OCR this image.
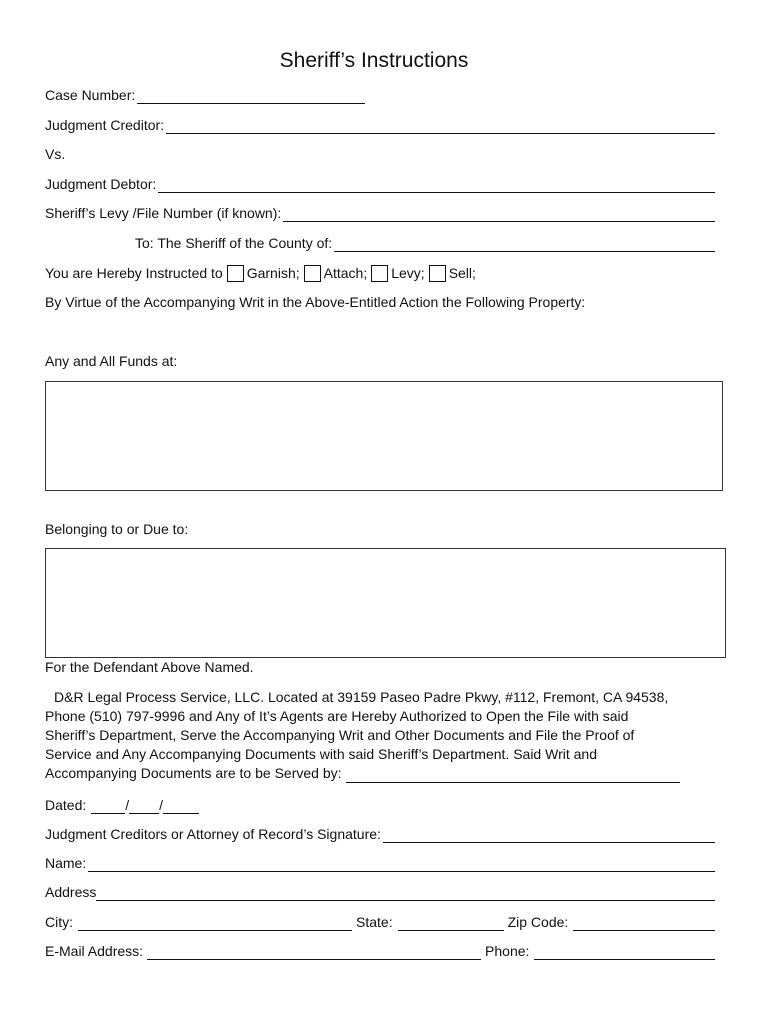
Sheriff’s Instructions
Case Number:
Judgment Creditor:
Vs.
Judgment Debtor:
Sheriff’s Levy /File Number (if known):
To: The Sheriff of the County of:
You are Hereby Instructed to Garnish; Attach; Levy; Sell;
By Virtue of the Accompanying Writ in the Above-Entitled Action the Following Property:
Any and All Funds at:
Belonging to or Due to:
For the Defendant Above Named.

D&R Legal Process Service, LLC. Located at 39159 Paseo Padre Pkwy, #112, Fremont, CA 94538,

Phone (510) 797-9996 and Any of It’s Agents are Hereby Authorized to Open the File with said

Sheriff’s Department, Serve the Accompanying Writ and Other Documents and File the Proof of

Service and Any Accompanying Documents with said Sheriff’s Department. Said Writ and

Accompanying Documents are to be Served by:

Dated:	/ /
Judgment Creditors or Attorney of Record’s Signature:
Name:
Address
City:	State:	Zip Code:
E-Mail Address:	Phone:
